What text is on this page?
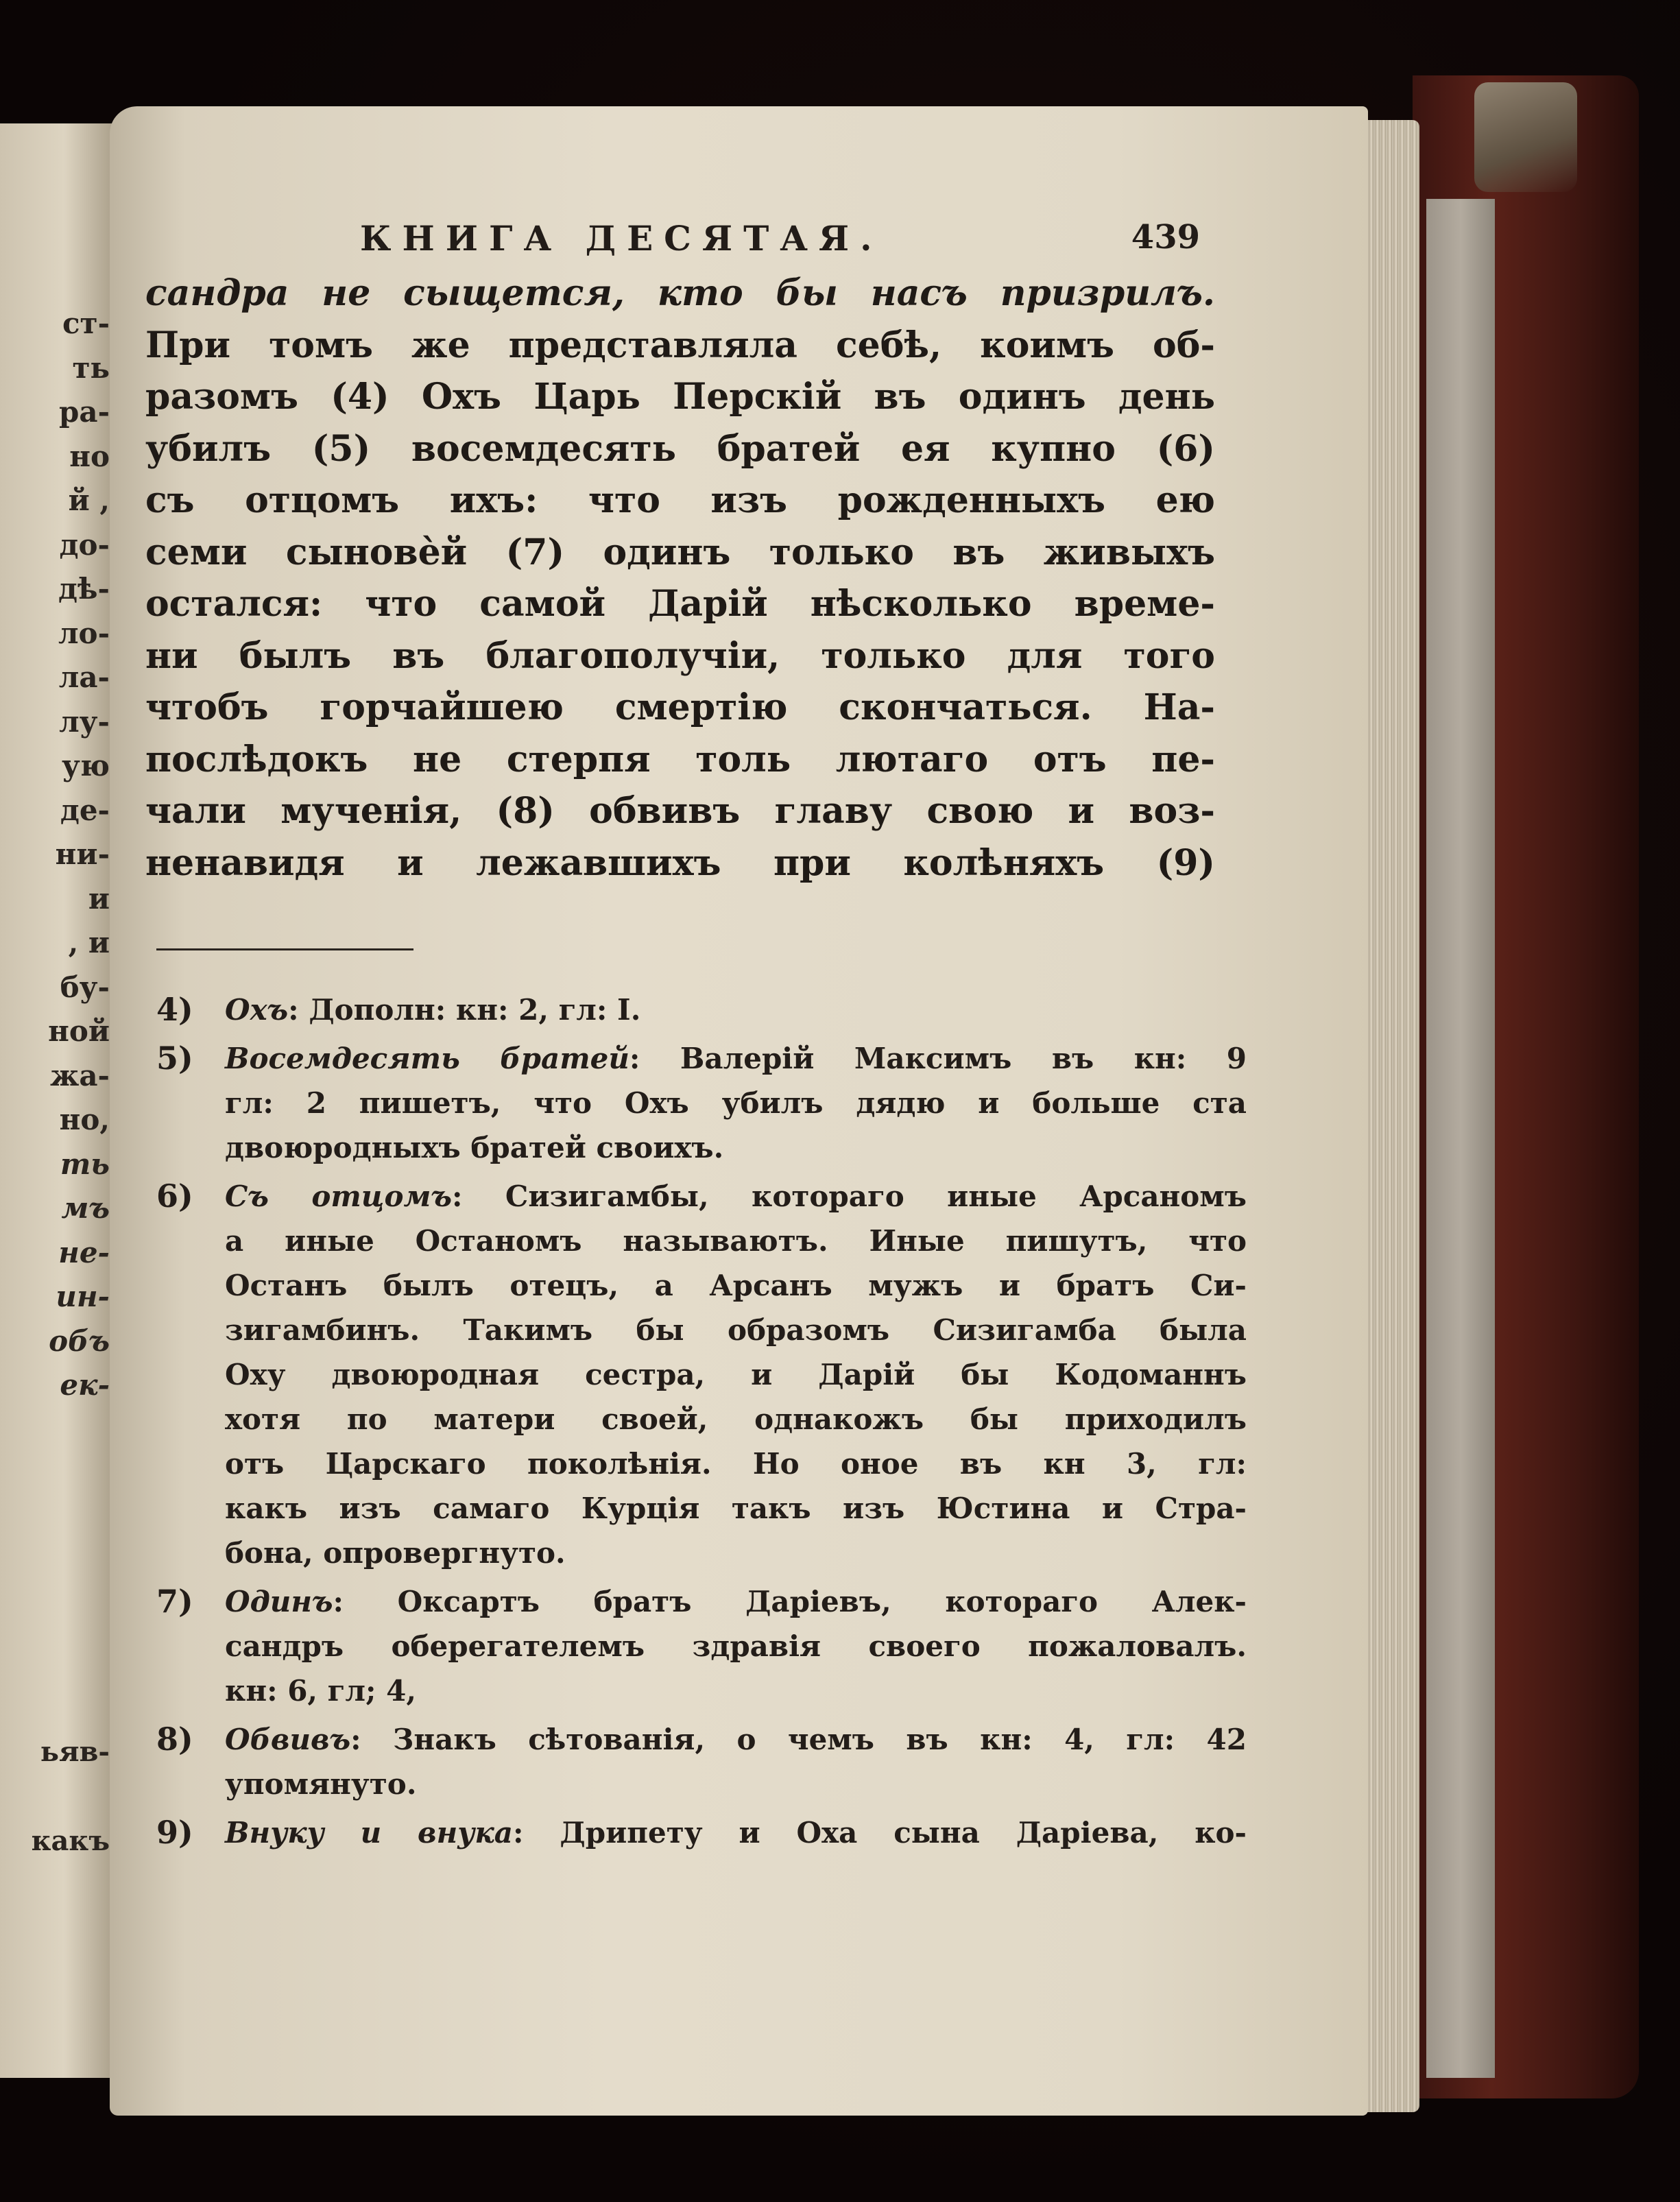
ст-
ть
ра-
но
й ,
до-
дѣ-
ло-
ла-
лу-
ую
де-
ни-
и
, и
бу-
ной
жа-
но,
ть
мъ
не-
ин-
объ
ек-
ьяв-
какъ
КНИГА ДЕСЯТАЯ.	439
сандра не сыщется, кто бы насъ призрилъ.
При томъ же представляла себѣ, коимъ об-
разомъ (4) Охъ Царь Перскій въ одинъ день
убилъ (5) восемдесять братей ея купно (6)
съ отцомъ ихъ: что изъ рожденныхъ ею
семи сыновѐй (7) одинъ только въ живыхъ
остался: что самой Дарій нѣсколько време-
ни былъ въ благополучіи, только для того
чтобъ горчайшею смертію скончаться. На-
послѣдокъ не стерпя толь лютаго отъ пе-
чали мученія, (8) обвивъ главу свою и воз-
ненавидя и лежавшихъ при колѣняхъ (9)
4)	Охъ: Дополн: кн: 2, гл: I.
5)	Восемдесять братей: Валерій Максимъ въ кн: 9
гл: 2 пишетъ, что Охъ убилъ дядю и больше ста
двоюродныхъ братей своихъ.
6)	Съ отцомъ: Сизигамбы, котораго иные Арсаномъ
а иные Останомъ называютъ. Иные пишутъ, что
Останъ былъ отецъ, а Арсанъ мужъ и братъ Си-
зигамбинъ. Такимъ бы образомъ Сизигамба была
Оху двоюродная сестра, и Дарій бы Кодоманнъ
хотя по матери своей, однакожъ бы приходилъ
отъ Царскаго поколѣнія. Но оное въ кн 3, гл:
какъ изъ самаго Курція такъ изъ Юстина и Стра-
бона, опровергнуто.
7)	Одинъ: Оксартъ братъ Даріевъ, котораго Алек-
сандръ оберегателемъ здравія своего пожаловалъ.
кн: 6, гл; 4,
8)	Обвивъ: Знакъ сѣтованія, о чемъ въ кн: 4, гл: 42
упомянуто.
9)	Внуку и внука: Дрипету и Оха сына Даріева, ко-
